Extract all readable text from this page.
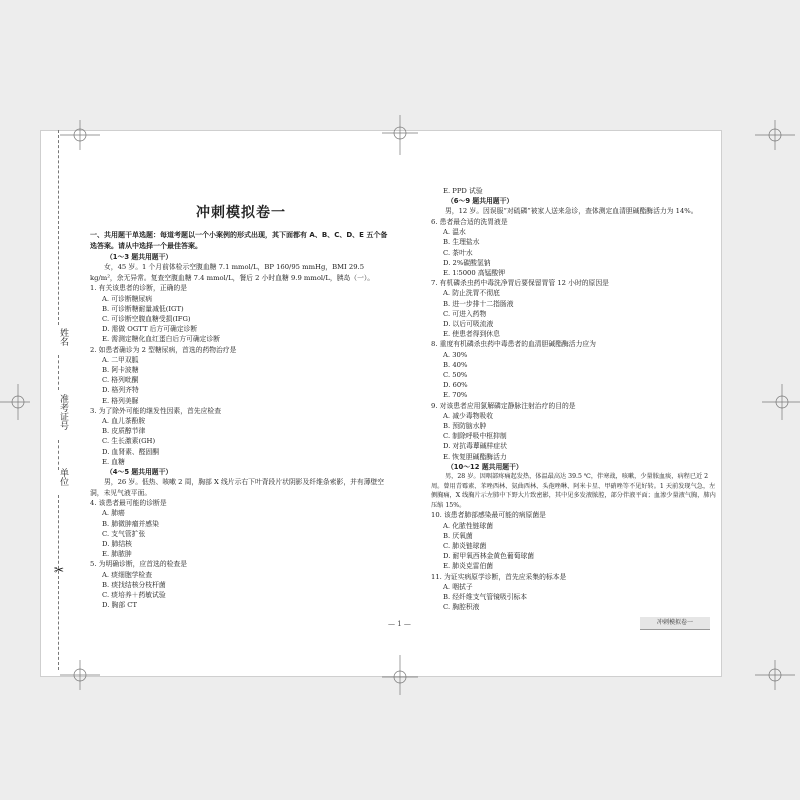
姓名
准考证号
单位
✂
冲刺模拟卷一
一、共用题干单选题：每道考题以一个小案例的形式出现，其下面都有 A、B、C、D、E 五个备选答案。请从中选择一个最佳答案。
（1～3 题共用题干）
女，45 岁。1 个月前体检示空腹血糖 7.1 mmol/L，BP 160/95 mmHg，BMI 29.5 kg/m²，余无异常。复查空腹血糖 7.4 mmol/L，餐后 2 小时血糖 9.9 mmol/L，胰岛（一）。
1. 有关该患者的诊断，正确的是
A. 可诊断糖尿病
B. 可诊断糖耐量减低(IGT)
C. 可诊断空腹血糖受损(IFG)
D. 需做 OGTT 后方可确定诊断
E. 需测定糖化血红蛋白后方可确定诊断
2. 如患者确诊为 2 型糖尿病，首选的药物治疗是
A. 二甲双胍
B. 阿卡波糖
C. 格列吡酮
D. 格列齐特
E. 格列美脲
3. 为了除外可能的继发性因素，首先应检查
A. 血儿茶酚胺
B. 皮质醇节律
C. 生长激素(GH)
D. 血肾素、醛固酮
E. 血糖
（4～5 题共用题干）
男，26 岁。低热、咳嗽 2 周，胸部 X 线片示右下叶背段片状阴影及纤维条索影，并有薄壁空洞，未见气液平面。
4. 该患者最可能的诊断是
A. 肺癌
B. 肺微肿瘤并感染
C. 支气管扩张
D. 肺结核
E. 肺脓肿
5. 为明确诊断，应首选的检查是
A. 痰细胞学检查
B. 痰找结核分枝杆菌
C. 痰培养＋药敏试验
D. 胸部 CT
E. PPD 试验
（6～9 题共用题干）
男，12 岁。因误服“对硫磷”被家人送来急诊，查体测定血清胆碱酯酶活力为 14%。
6. 患者最合适的洗胃液是
A. 温水
B. 生理盐水
C. 茶叶水
D. 2%碳酸氢钠
E. 1∶5000 高锰酸钾
7. 有机磷杀虫药中毒洗净胃后要保留胃管 12 小时的原因是
A. 防止洗胃不彻底
B. 进一步排十二指肠液
C. 可进入药物
D. 以后可吸流液
E. 使患者得到休息
8. 重度有机磷杀虫药中毒患者的血清胆碱酯酶活力应为
A. 30%
B. 40%
C. 50%
D. 60%
E. 70%
9. 对该患者应用氯解磷定静脉注射治疗的目的是
A. 减少毒物吸收
B. 预防脑水肿
C. 制除呼吸中枢抑制
D. 对抗毒蕈碱样症状
E. 恢复胆碱酯酶活力
（10～12 题共用题干）
男，28 岁。因咽部疼痛起发热，体温最高达 39.5 ℃，伴寒战，咳嗽，少量脓血痰，病程已近 2 周。曾用青霉素、苯唑西林、氨曲西林、头孢唑啉、阿米卡星、甲硝唑等不见好转。1 天前发现气急，左侧胸痛，X 线胸片示左肺中下野大片致密影，其中见多发液脓腔，部分伴液平面；血渗少量液气胸，肺内压缩 15%。
10. 该患者肺部感染最可能的病原菌是
A. 化脓性链球菌
B. 厌氧菌
C. 肺炎链球菌
D. 耐甲氧西林金黄色葡萄球菌
E. 肺炎克雷伯菌
11. 为证实病原学诊断，首先应采集的标本是
A. 咽拭子
B. 经纤维支气管镜吸引标本
C. 胸腔积液
— 1 —	冲刺模拟卷一
